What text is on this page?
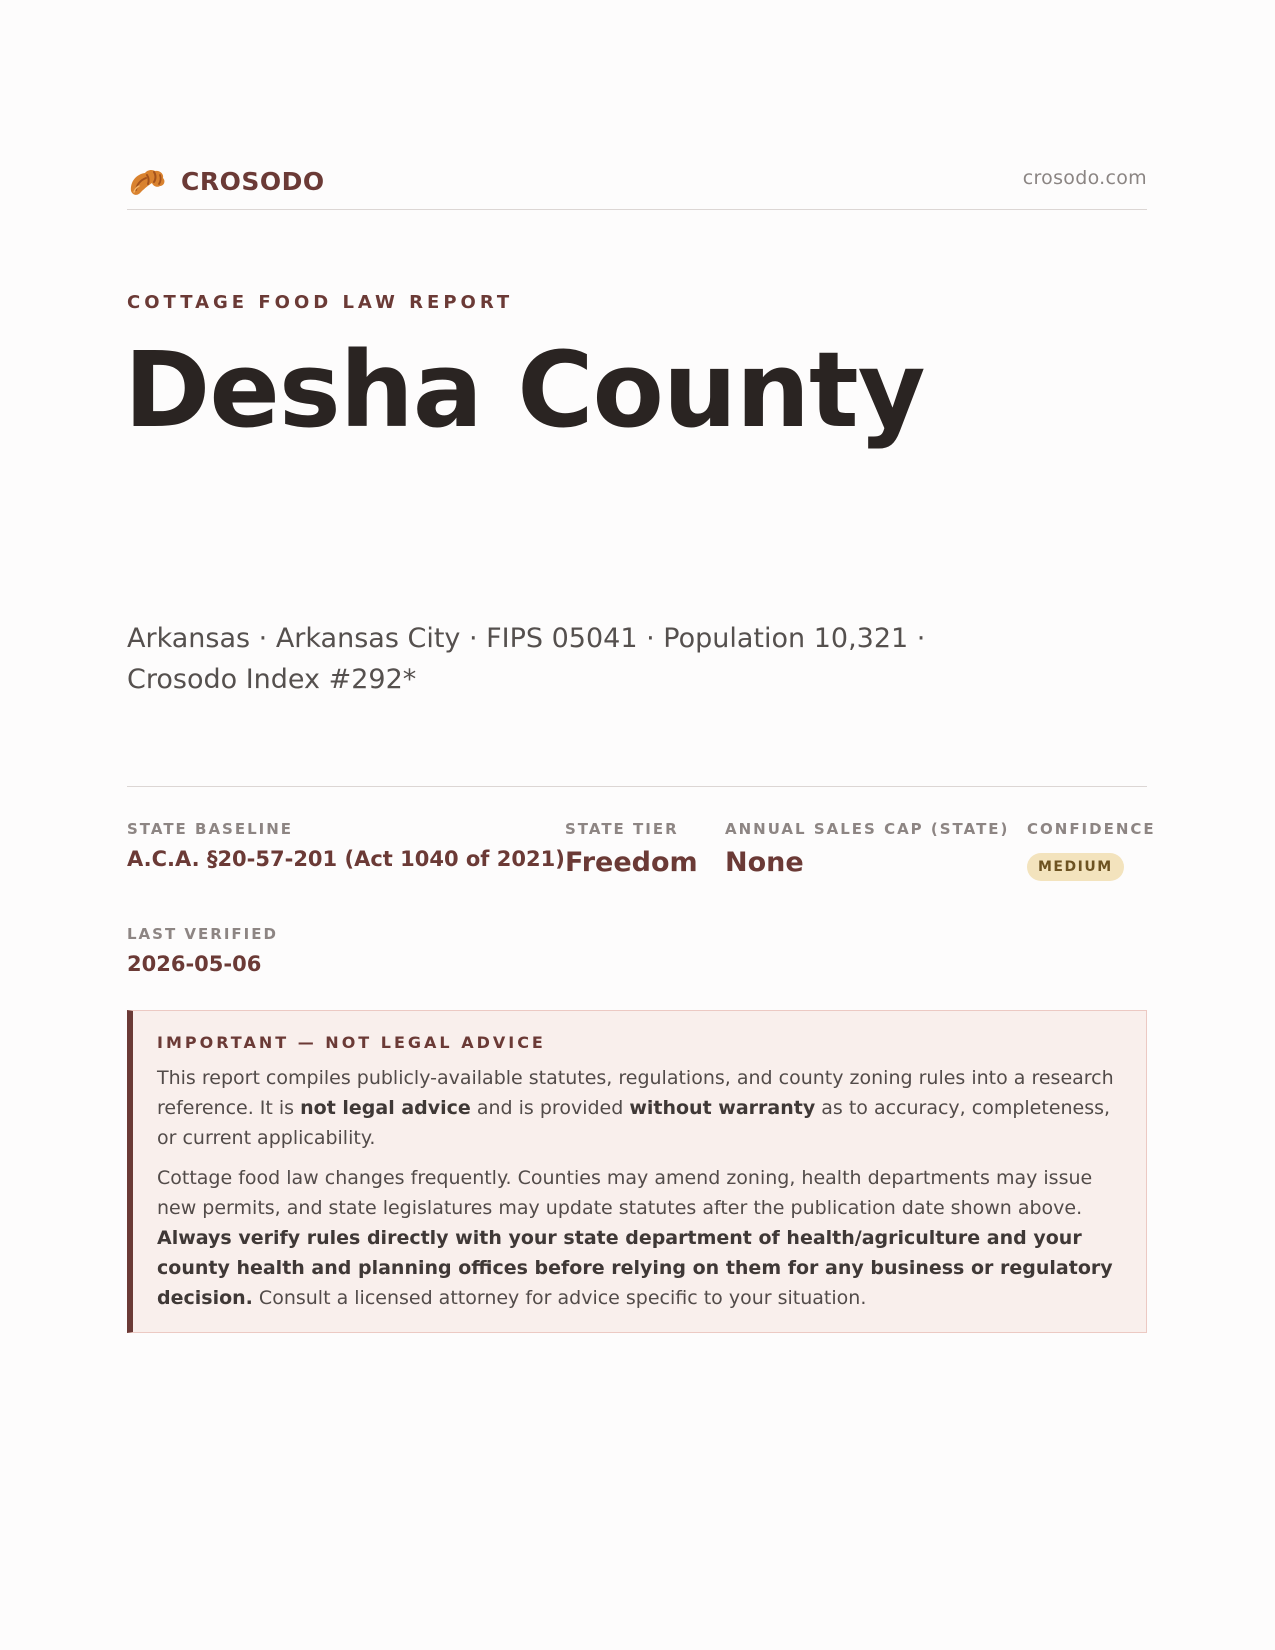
CROSODO	crosodo.com
COTTAGE FOOD LAW REPORT
Desha County
Arkansas · Arkansas City · FIPS 05041 · Population 10,321 ·
Crosodo Index #292*
STATE BASELINE
A.C.A. §20-57-201 (Act 1040 of 2021)
STATE TIER
Freedom
ANNUAL SALES CAP (STATE)
None
CONFIDENCE
MEDIUM
LAST VERIFIED
2026-05-06
IMPORTANT — NOT LEGAL ADVICE

This report compiles publicly-available statutes, regulations, and county zoning rules into a research reference. It is not legal advice and is provided without warranty as to accuracy, completeness, or current applicability.

Cottage food law changes frequently. Counties may amend zoning, health departments may issue new permits, and state legislatures may update statutes after the publication date shown above. Always verify rules directly with your state department of health/agriculture and your county health and planning offices before relying on them for any business or regulatory decision. Consult a licensed attorney for advice specific to your situation.
